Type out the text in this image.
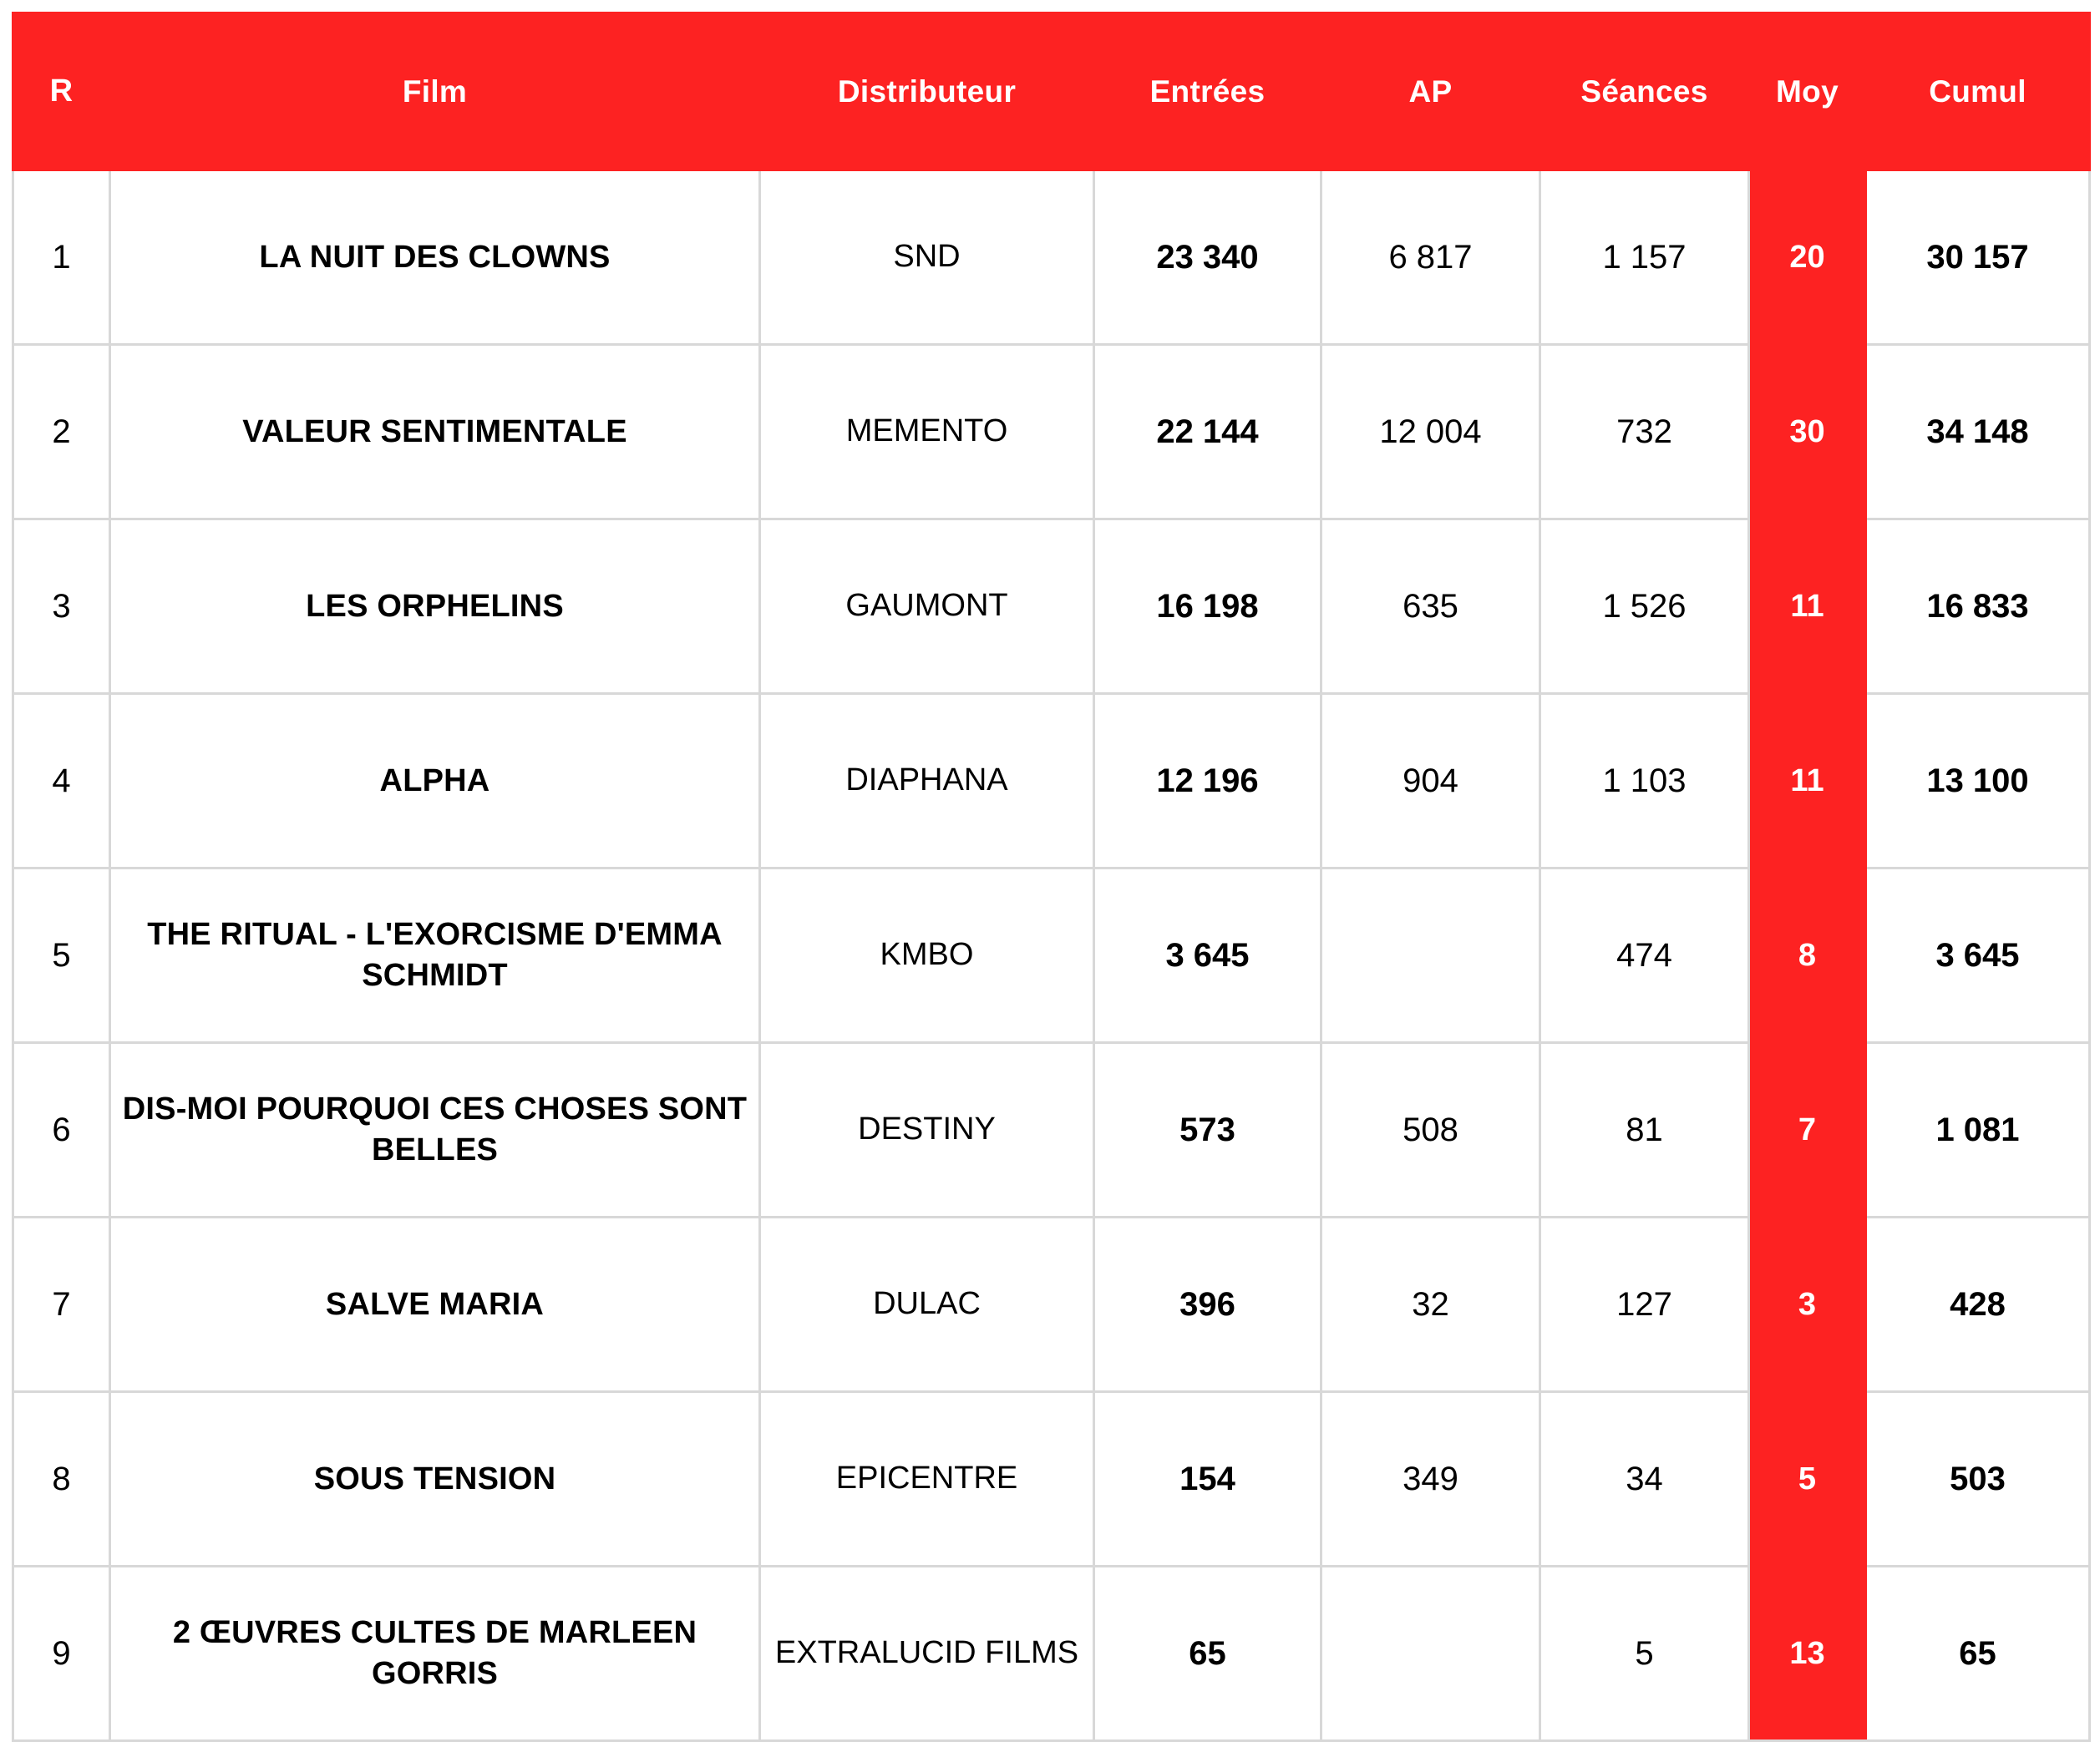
R	Film	Distributeur	Entrées	AP	Séances	Moy	Cumul
1	LA NUIT DES CLOWNS	SND	23 340	6 817	1 157	20	30 157
2	VALEUR SENTIMENTALE	MEMENTO	22 144	12 004	732	30	34 148
3	LES ORPHELINS	GAUMONT	16 198	635	1 526	11	16 833
4	ALPHA	DIAPHANA	12 196	904	1 103	11	13 100
5	THE RITUAL - L'EXORCISME D'EMMA SCHMIDT	KMBO	3 645		474	8	3 645
6	DIS-MOI POURQUOI CES CHOSES SONT BELLES	DESTINY	573	508	81	7	1 081
7	SALVE MARIA	DULAC	396	32	127	3	428
8	SOUS TENSION	EPICENTRE	154	349	34	5	503
9	2 ŒUVRES CULTES DE MARLEEN GORRIS	EXTRALUCID FILMS	65		5	13	65
